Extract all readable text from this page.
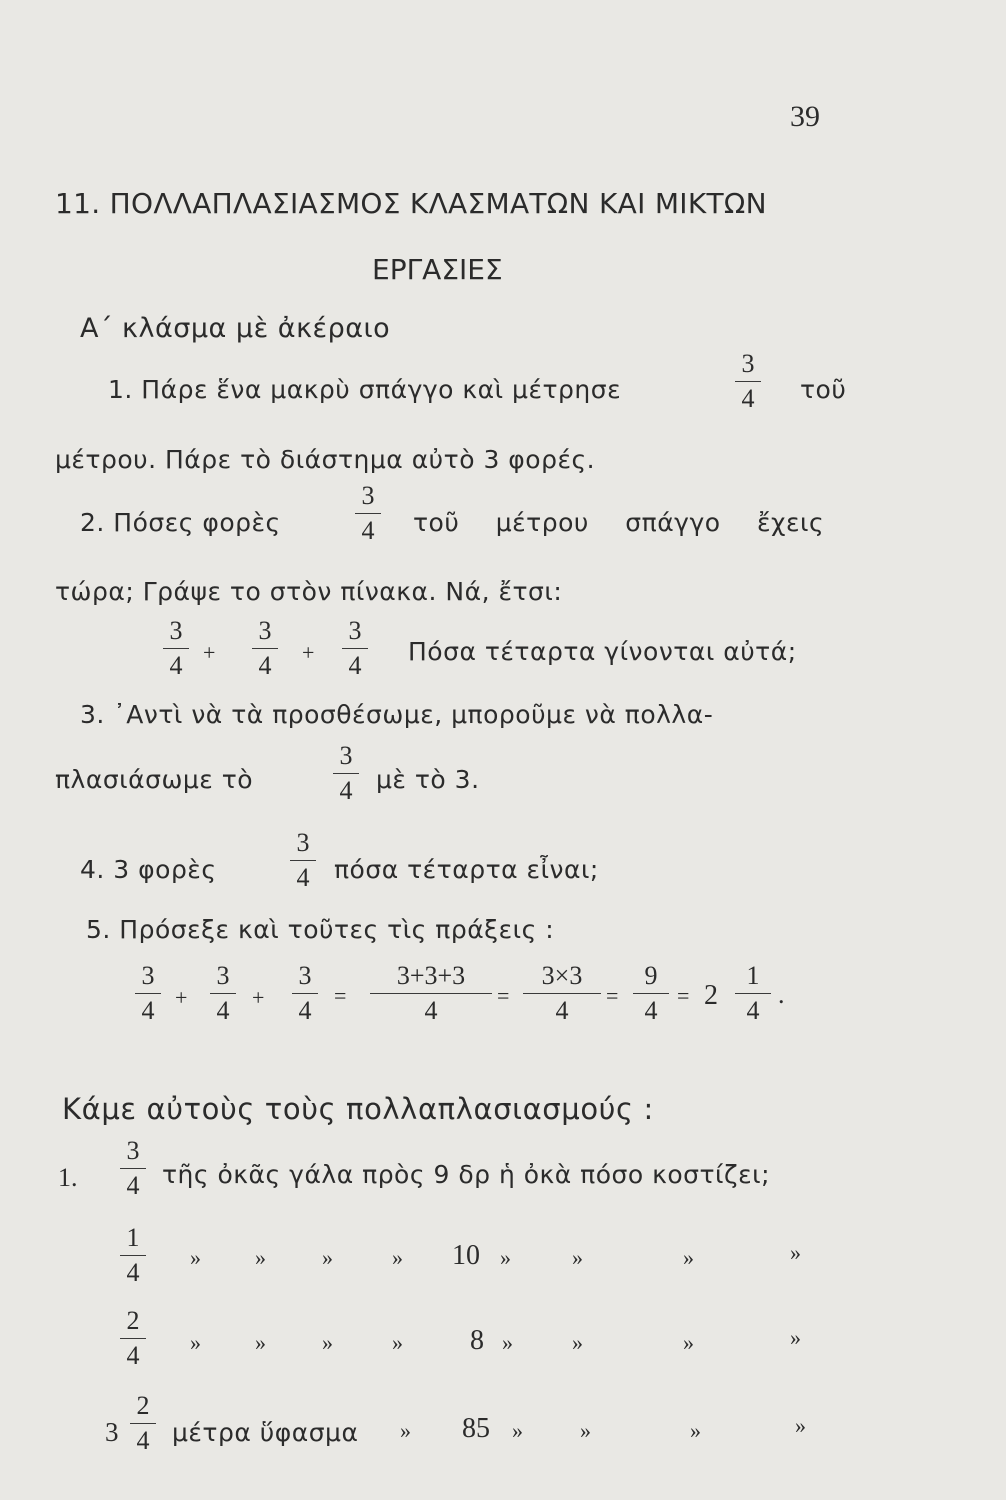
39
11. ΠΟΛΛΑΠΛΑΣΙΑΣΜΟΣ ΚΛΑΣΜΑΤΩΝ ΚΑΙ ΜΙΚΤΩΝ
ΕΡΓΑΣΙΕΣ
Α΄ κλάσμα μὲ ἀκέραιο
1. Πάρε ἕνα μακρὺ σπάγγο καὶ μέτρησε
3
4 τοῦ
μέτρου. Πάρε τὸ διάστημα αὐτὸ 3 φορές.
2. Πόσες φορὲς
3
4 τοῦ μέτρου σπάγγο ἔχεις
τώρα; Γράψε το στὸν πίνακα. Νά, ἔτσι:
3
4 +
3
4 +
3
4 Πόσα τέταρτα γίνονται αὐτά;
3. ᾿Αντὶ νὰ τὰ προσθέσωμε, μποροῦμε νὰ πολλα-
πλασιάσωμε τὸ
3
4 μὲ τὸ 3.
4. 3 φορὲς
3
4 πόσα τέταρτα εἶναι;
5. Πρόσεξε καὶ τοῦτες τὶς πράξεις :
3
4 +
3
4 +
3
4
=
3+3+3
4
=
3×3
4
=
9
4
= 2
1
4
.
Κάμε αὐτοὺς τοὺς πολλαπλασιασμούς :
1.
3
4 τῆς ὀκᾶς γάλα πρὸς 9 δρ ἡ ὀκὰ πόσο κοστίζει;
1
4
» »	»	» 10 »	»	»	»
2
4 » »	»	» 8 »	»	»	»
3
2
4 μέτρα ὕφασμα » 85 »	»	»	»
